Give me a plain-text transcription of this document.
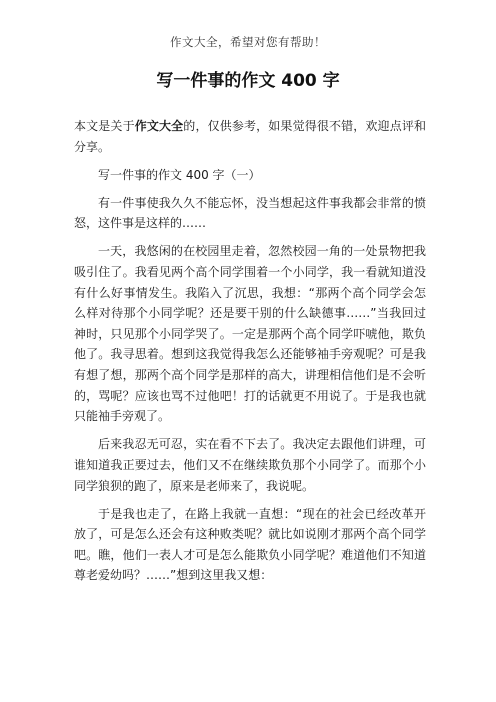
作文大全，希望对您有帮助！
写一件事的作文 400 字

本文是关于作文大全的，仅供参考，如果觉得很不错，欢迎点评和分享。

写一件事的作文 400 字（一）

有一件事使我久久不能忘怀，没当想起这件事我都会非常的愤怒，这件事是这样的……

一天，我悠闲的在校园里走着，忽然校园一角的一处景物把我吸引住了。我看见两个高个同学围着一个小同学，我一看就知道没有什么好事情发生。我陷入了沉思，我想：“那两个高个同学会怎么样对待那个小同学呢？还是要干别的什么缺德事……”当我回过神时，只见那个小同学哭了。一定是那两个高个同学吓唬他，欺负他了。我寻思着。想到这我觉得我怎么还能够袖手旁观呢？可是我有想了想，那两个高个同学是那样的高大，讲理相信他们是不会听的，骂呢？应该也骂不过他吧！打的话就更不用说了。于是我也就只能袖手旁观了。

后来我忍无可忍，实在看不下去了。我决定去跟他们讲理，可谁知道我正要过去，他们又不在继续欺负那个小同学了。而那个小同学狼狈的跑了，原来是老师来了，我说呢。

于是我也走了，在路上我就一直想：“现在的社会已经改革开放了，可是怎么还会有这种败类呢？就比如说刚才那两个高个同学吧。瞧，他们一表人才可是怎么能欺负小同学呢？难道他们不知道尊老爱幼吗？……”想到这里我又想：
